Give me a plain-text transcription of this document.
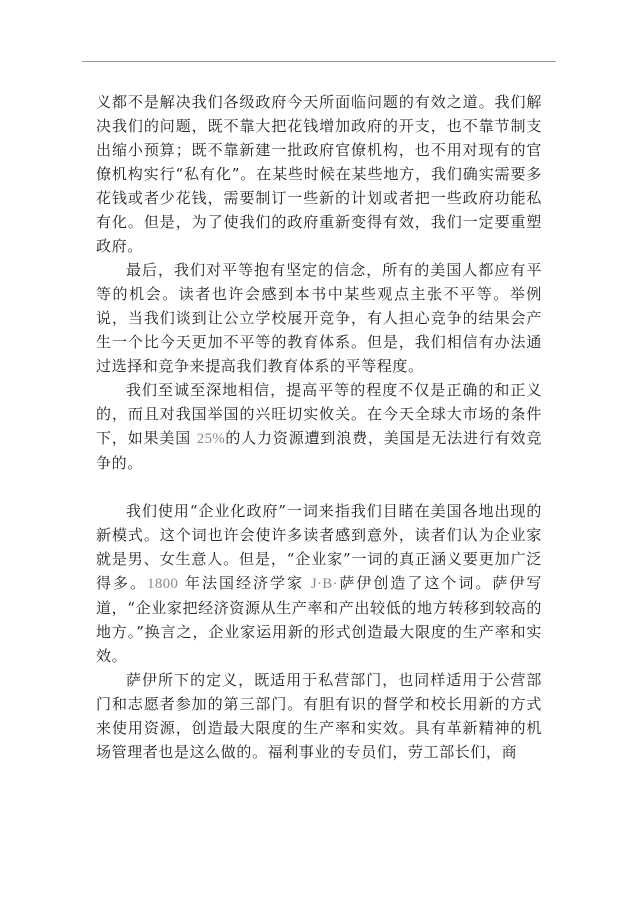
义都不是解决我们各级政府今天所面临问题的有效之道。我们解决我们的问题，既不靠大把花钱增加政府的开支，也不靠节制支出缩小预算；既不靠新建一批政府官僚机构，也不用对现有的官僚机构实行“私有化”。在某些时候在某些地方，我们确实需要多花钱或者少花钱，需要制订一些新的计划或者把一些政府功能私有化。但是，为了使我们的政府重新变得有效，我们一定要重塑政府。

最后，我们对平等抱有坚定的信念，所有的美国人都应有平等的机会。读者也许会感到本书中某些观点主张不平等。举例说，当我们谈到让公立学校展开竞争，有人担心竞争的结果会产生一个比今天更加不平等的教育体系。但是，我们相信有办法通过选择和竞争来提高我们教育体系的平等程度。

我们至诚至深地相信，提高平等的程度不仅是正确的和正义的，而且对我国举国的兴旺切实攸关。在今天全球大市场的条件下，如果美国 25%的人力资源遭到浪费，美国是无法进行有效竞争的。

我们使用“企业化政府”一词来指我们目睹在美国各地出现的新模式。这个词也许会使许多读者感到意外，读者们认为企业家就是男、女生意人。但是，“企业家”一词的真正涵义要更加广泛得多。1800 年法国经济学家 J·B·萨伊创造了这个词。萨伊写道，“企业家把经济资源从生产率和产出较低的地方转移到较高的地方。”换言之，企业家运用新的形式创造最大限度的生产率和实效。

萨伊所下的定义，既适用于私营部门，也同样适用于公营部门和志愿者参加的第三部门。有胆有识的督学和校长用新的方式来使用资源，创造最大限度的生产率和实效。具有革新精神的机场管理者也是这么做的。福利事业的专员们，劳工部长们，商
